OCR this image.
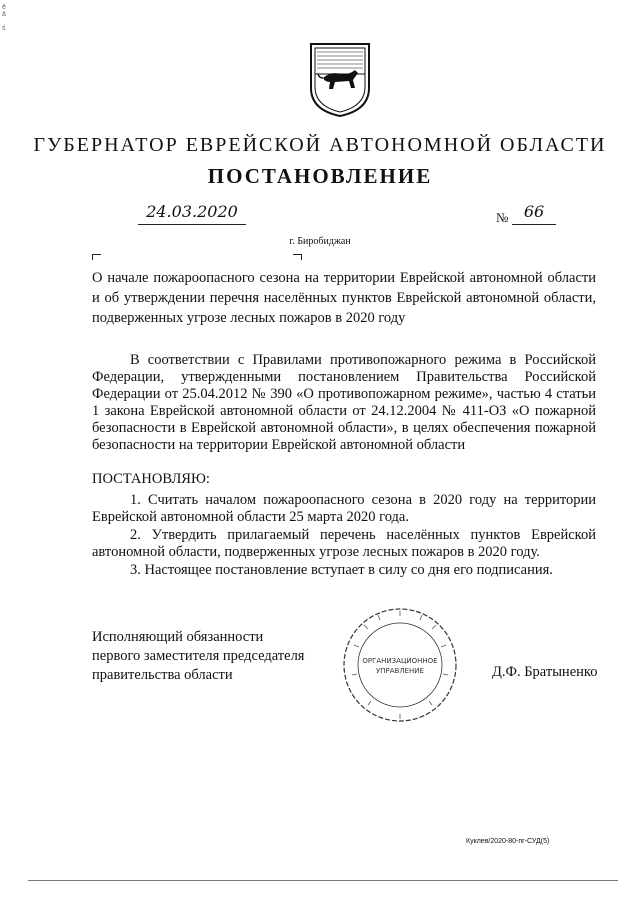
ē
ä

ś
ГУБЕРНАТОР ЕВРЕЙСКОЙ АВТОНОМНОЙ ОБЛАСТИ
ПОСТАНОВЛЕНИЕ
24.03.2020	№ 66
г. Биробиджан
О начале пожароопасного сезона на территории Еврейской автономной области и об утверждении перечня населённых пунктов Еврейской автономной области, подверженных угрозе лесных пожаров в 2020 году
В соответствии с Правилами противопожарного режима в Российской Федерации, утвержденными постановлением Правительства Российской Федерации от 25.04.2012 № 390 «О противопожарном режиме», частью 4 статьи 1 закона Еврейской автономной области от 24.12.2004 № 411-ОЗ «О пожарной безопасности в Еврейской автономной области», в целях обеспечения пожарной безопасности на территории Еврейской автономной области
ПОСТАНОВЛЯЮ:
1. Считать началом пожароопасного сезона в 2020 году на территории Еврейской автономной области 25 марта 2020 года.
2. Утвердить прилагаемый перечень населённых пунктов Еврейской автономной области, подверженных угрозе лесных пожаров в 2020 году.
3. Настоящее постановление вступает в силу со дня его подписания.
Исполняющий обязанности
первого заместителя председателя
правительства области
ОРГАНИЗАЦИОННОЕ
УПРАВЛЕНИЕ	Д.Ф. Братыненко
Куклев/2020-80-пг-СУД(5)
